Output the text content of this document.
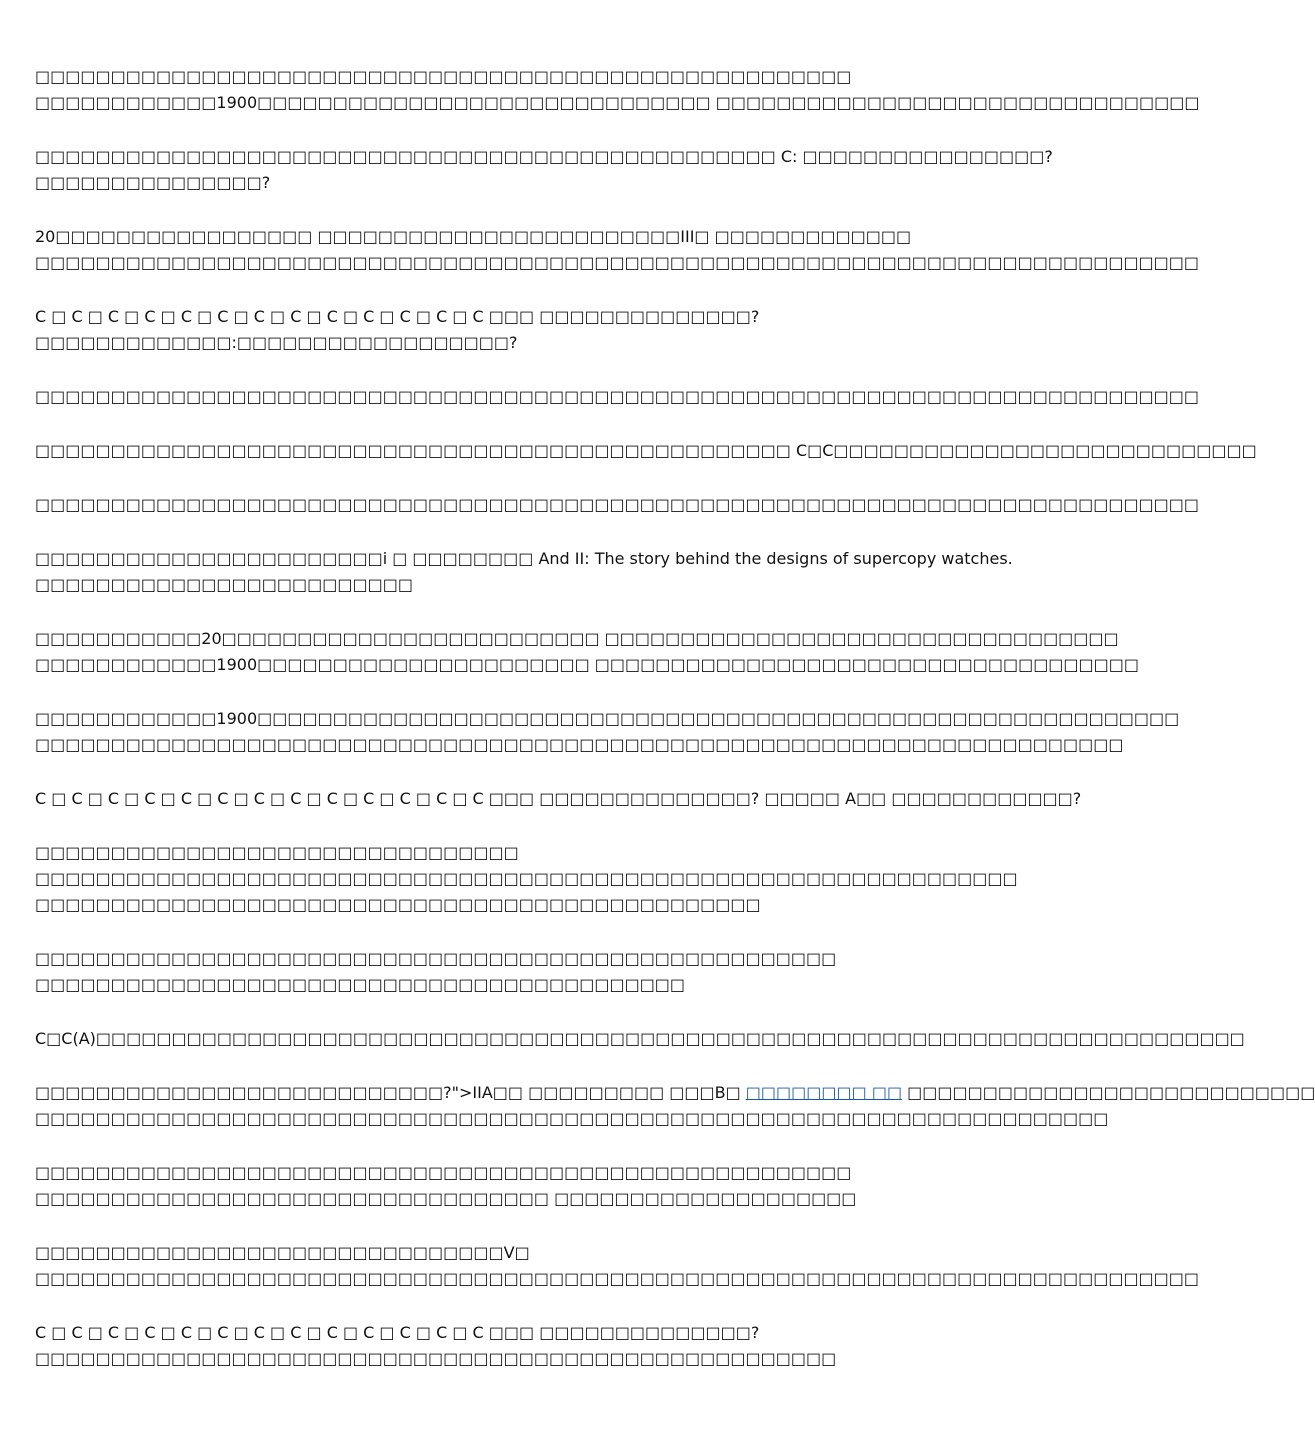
□□□□□□□□□□□□□□□□□□□□□□□□□□□□□□□□□□□□□□□□□□□□□□□□□□□□□□
□□□□□□□□□□□□1900□□□□□□□□□□□□□□□□□□□□□□□□□□□□□□ □□□□□□□□□□□□□□□□□□□□□□□□□□□□□□□□

□□□□□□□□□□□□□□□□□□□□□□□□□□□□□□□□□□□□□□□□□□□□□□□□□ C: □□□□□□□□□□□□□□□□?
□□□□□□□□□□□□□□□?

20□□□□□□□□□□□□□□□□□ □□□□□□□□□□□□□□□□□□□□□□□□III□ □□□□□□□□□□□□□
□□□□□□□□□□□□□□□□□□□□□□□□□□□□□□□□□□□□□□□□□□□□□□□□□□□□□□□□□□□□□□□□□□□□□□□□□□□□□

C □ C □ C □ C □ C □ C □ C □ C □ C □ C □ C □ C □ C □□□ □□□□□□□□□□□□□□?
□□□□□□□□□□□□□:□□□□□□□□□□□□□□□□□□?

□□□□□□□□□□□□□□□□□□□□□□□□□□□□□□□□□□□□□□□□□□□□□□□□□□□□□□□□□□□□□□□□□□□□□□□□□□□□□

□□□□□□□□□□□□□□□□□□□□□□□□□□□□□□□□□□□□□□□□□□□□□□□□□□ C□C□□□□□□□□□□□□□□□□□□□□□□□□□□□□

□□□□□□□□□□□□□□□□□□□□□□□□□□□□□□□□□□□□□□□□□□□□□□□□□□□□□□□□□□□□□□□□□□□□□□□□□□□□□

□□□□□□□□□□□□□□□□□□□□□□□i □ □□□□□□□□ And II: The story behind the designs of supercopy watches.
□□□□□□□□□□□□□□□□□□□□□□□□□

□□□□□□□□□□□20□□□□□□□□□□□□□□□□□□□□□□□□□ □□□□□□□□□□□□□□□□□□□□□□□□□□□□□□□□□□
□□□□□□□□□□□□1900□□□□□□□□□□□□□□□□□□□□□□ □□□□□□□□□□□□□□□□□□□□□□□□□□□□□□□□□□□□

□□□□□□□□□□□□1900□□□□□□□□□□□□□□□□□□□□□□□□□□□□□□□□□□□□□□□□□□□□□□□□□□□□□□□□□□□□□
□□□□□□□□□□□□□□□□□□□□□□□□□□□□□□□□□□□□□□□□□□□□□□□□□□□□□□□□□□□□□□□□□□□□□□□□

C □ C □ C □ C □ C □ C □ C □ C □ C □ C □ C □ C □ C □□□ □□□□□□□□□□□□□□? □□□□□ A□□ □□□□□□□□□□□□?

□□□□□□□□□□□□□□□□□□□□□□□□□□□□□□□□
□□□□□□□□□□□□□□□□□□□□□□□□□□□□□□□□□□□□□□□□□□□□□□□□□□□□□□□□□□□□□□□□□
□□□□□□□□□□□□□□□□□□□□□□□□□□□□□□□□□□□□□□□□□□□□□□□□

□□□□□□□□□□□□□□□□□□□□□□□□□□□□□□□□□□□□□□□□□□□□□□□□□□□□□
□□□□□□□□□□□□□□□□□□□□□□□□□□□□□□□□□□□□□□□□□□□

C□C(A)□□□□□□□□□□□□□□□□□□□□□□□□□□□□□□□□□□□□□□□□□□□□□□□□□□□□□□□□□□□□□□□□□□□□□□□□□□□□

□□□□□□□□□□□□□□□□□□□□□□□□□□□?">IIA□□ □□□□□□□□□ □□□B□ □□□□□□□□ □□ □□□□□□□□□□□□□□□□□□□□□□□□□□□
□□□□□□□□□□□□□□□□□□□□□□□□□□□□□□□□□□□□□□□□□□□□□□□□□□□□□□□□□□□□□□□□□□□□□□□

□□□□□□□□□□□□□□□□□□□□□□□□□□□□□□□□□□□□□□□□□□□□□□□□□□□□□□
□□□□□□□□□□□□□□□□□□□□□□□□□□□□□□□□□□ □□□□□□□□□□□□□□□□□□□□

□□□□□□□□□□□□□□□□□□□□□□□□□□□□□□□V□
□□□□□□□□□□□□□□□□□□□□□□□□□□□□□□□□□□□□□□□□□□□□□□□□□□□□□□□□□□□□□□□□□□□□□□□□□□□□□

C □ C □ C □ C □ C □ C □ C □ C □ C □ C □ C □ C □ C □□□ □□□□□□□□□□□□□□?
□□□□□□□□□□□□□□□□□□□□□□□□□□□□□□□□□□□□□□□□□□□□□□□□□□□□□
